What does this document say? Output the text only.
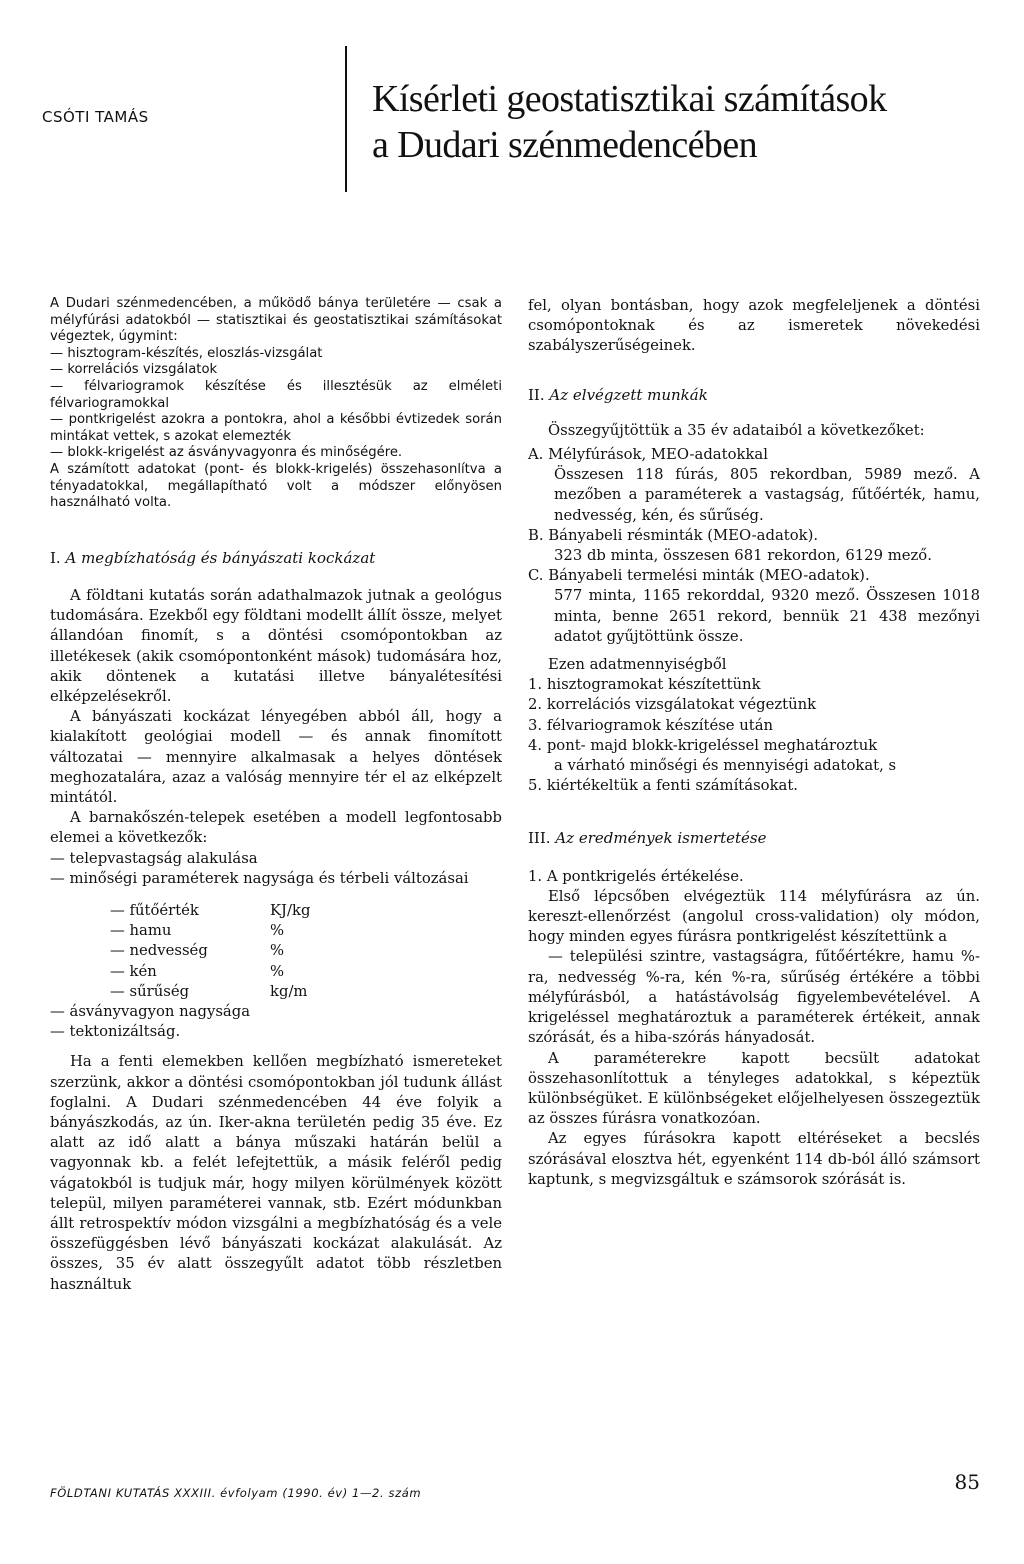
CSÓTI TAMÁS	Kísérleti geostatisztikai számítások
a Dudari szénmedencében

A Dudari szénmedencében, a működő bánya területére — csak a mélyfúrási adatokból — statisztikai és geostatisztikai számításokat végeztek, úgymint:

— hisztogram-készítés, eloszlás-vizsgálat

— korrelációs vizsgálatok

— félvariogramok készítése és illesztésük az elméleti félvariogramokkal

— pontkrigelést azokra a pontokra, ahol a későbbi évtizedek során mintákat vettek, s azokat elemezték

— blokk-krigelést az ásványvagyonra és minőségére.

A számított adatokat (pont- és blokk-krigelés) összehasonlítva a tényadatokkal, megállapítható volt a módszer előnyösen használható volta.

I. A megbízhatóság és bányászati kockázat

A földtani kutatás során adathalmazok jutnak a geológus tudomására. Ezekből egy földtani modellt állít össze, melyet állandóan finomít, s a döntési csomópontokban az illetékesek (akik csomópontonként mások) tudomására hoz, akik döntenek a kutatási illetve bányalétesítési elképzelésekről.

A bányászati kockázat lényegében abból áll, hogy a kialakított geológiai modell — és annak finomított változatai — mennyire alkalmasak a helyes döntések meghozatalára, azaz a valóság mennyire tér el az elképzelt mintától.

A barnakőszén-telepek esetében a modell legfontosabb elemei a következők:

— telepvastagság alakulása

— minőségi paraméterek nagysága és térbeli változásai

— fűtőérték	KJ/kg
— hamu	%
— nedvesség	%
— kén	%
— sűrűség	kg/m

— ásványvagyon nagysága

— tektonizáltság.

Ha a fenti elemekben kellően megbízható ismereteket szerzünk, akkor a döntési csomópontokban jól tudunk állást foglalni. A Dudari szénmedencében 44 éve folyik a bányászkodás, az ún. Iker-akna területén pedig 35 éve. Ez alatt az idő alatt a bánya műszaki határán belül a vagyonnak kb. a felét lefejtettük, a másik feléről pedig vágatokból is tudjuk már, hogy milyen körülmények között települ, milyen paraméterei vannak, stb. Ezért módunkban állt retrospektív módon vizsgálni a megbízhatóság és a vele összefüggésben lévő bányászati kockázat alakulását. Az összes, 35 év alatt összegyűlt adatot több részletben használtuk

fel, olyan bontásban, hogy azok megfeleljenek a döntési csomópontoknak és az ismeretek növekedési szabályszerűségeinek.

II. Az elvégzett munkák

Összegyűjtöttük a 35 év adataiból a következőket:

A. Mélyfúrások, MEO-adatokkal

Összesen 118 fúrás, 805 rekordban, 5989 mező. A mezőben a paraméterek a vastagság, fűtőérték, hamu, nedvesség, kén, és sűrűség.

B. Bányabeli résminták (MEO-adatok).

323 db minta, összesen 681 rekordon, 6129 mező.

C. Bányabeli termelési minták (MEO-adatok).

577 minta, 1165 rekorddal, 9320 mező. Összesen 1018 minta, benne 2651 rekord, bennük 21 438 mezőnyi adatot gyűjtöttünk össze.

Ezen adatmennyiségből

1. hisztogramokat készítettünk

2. korrelációs vizsgálatokat végeztünk

3. félvariogramok készítése után

4. pont- majd blokk-krigeléssel meghatároztuk

a várható minőségi és mennyiségi adatokat, s

5. kiértékeltük a fenti számításokat.

III. Az eredmények ismertetése

1. A pontkrigelés értékelése.

Első lépcsőben elvégeztük 114 mélyfúrásra az ún. kereszt-ellenőrzést (angolul cross-validation) oly módon, hogy minden egyes fúrásra pontkrigelést készítettünk a

— települési szintre, vastagságra, fűtőértékre, hamu %-ra, nedvesség %-ra, kén %-ra, sűrűség értékére a többi mélyfúrásból, a hatástávolság figyelembevételével. A krigeléssel meghatároztuk a paraméterek értékeit, annak szórását, és a hiba-szórás hányadosát.

A paraméterekre kapott becsült adatokat összehasonlítottuk a tényleges adatokkal, s képeztük különbségüket. E különbségeket előjelhelyesen összegeztük az összes fúrásra vonatkozóan.

Az egyes fúrásokra kapott eltéréseket a becslés szórásával elosztva hét, egyenként 114 db-ból álló számsort kaptunk, s megvizsgáltuk e számsorok szórását is.

FÖLDTANI KUTATÁS XXXIII. évfolyam (1990. év) 1—2. szám	85
